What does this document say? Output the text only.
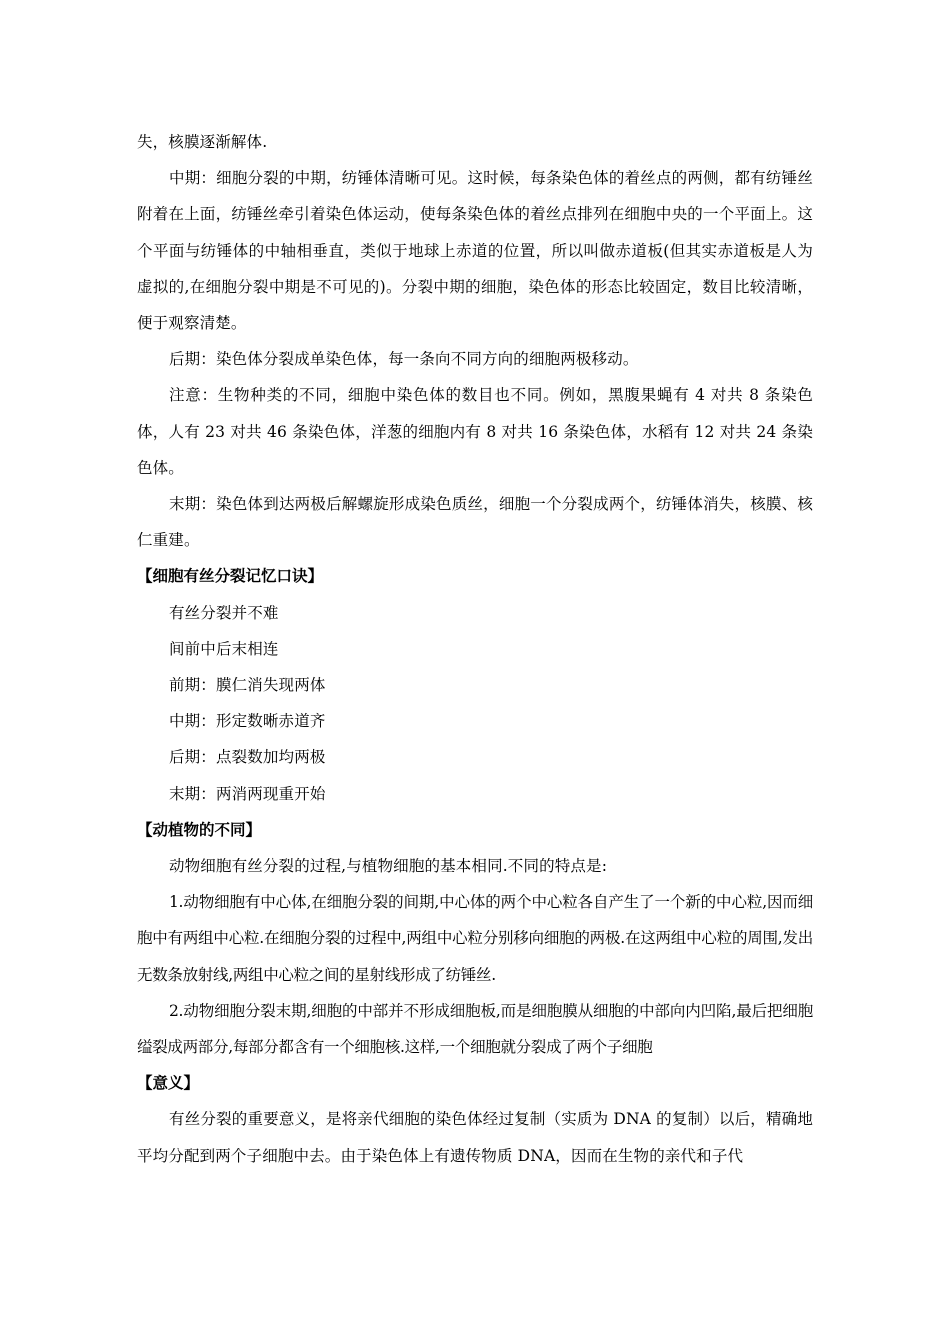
失，核膜逐渐解体.

中期：细胞分裂的中期，纺锤体清晰可见。这时候，每条染色体的着丝点的两侧，都有纺锤丝附着在上面，纺锤丝牵引着染色体运动，使每条染色体的着丝点排列在细胞中央的一个平面上。这个平面与纺锤体的中轴相垂直，类似于地球上赤道的位置，所以叫做赤道板(但其实赤道板是人为虚拟的,在细胞分裂中期是不可见的)。分裂中期的细胞，染色体的形态比较固定，数目比较清晰，便于观察清楚。

后期：染色体分裂成单染色体，每一条向不同方向的细胞两极移动。

注意：生物种类的不同，细胞中染色体的数目也不同。例如，黑腹果蝇有 4 对共 8 条染色体，人有 23 对共 46 条染色体，洋葱的细胞内有 8 对共 16 条染色体，水稻有 12 对共 24 条染色体。

末期：染色体到达两极后解螺旋形成染色质丝，细胞一个分裂成两个，纺锤体消失，核膜、核仁重建。

【细胞有丝分裂记忆口诀】

有丝分裂并不难

间前中后末相连

前期：膜仁消失现两体

中期：形定数晰赤道齐

后期：点裂数加均两极

末期：两消两现重开始

【动植物的不同】

动物细胞有丝分裂的过程,与植物细胞的基本相同.不同的特点是:

1.动物细胞有中心体,在细胞分裂的间期,中心体的两个中心粒各自产生了一个新的中心粒,因而细胞中有两组中心粒.在细胞分裂的过程中,两组中心粒分别移向细胞的两极.在这两组中心粒的周围,发出无数条放射线,两组中心粒之间的星射线形成了纺锤丝.

2.动物细胞分裂末期,细胞的中部并不形成细胞板,而是细胞膜从细胞的中部向内凹陷,最后把细胞缢裂成两部分,每部分都含有一个细胞核.这样,一个细胞就分裂成了两个子细胞

【意义】

有丝分裂的重要意义，是将亲代细胞的染色体经过复制（实质为 DNA 的复制）以后，精确地平均分配到两个子细胞中去。由于染色体上有遗传物质 DNA，因而在生物的亲代和子代
